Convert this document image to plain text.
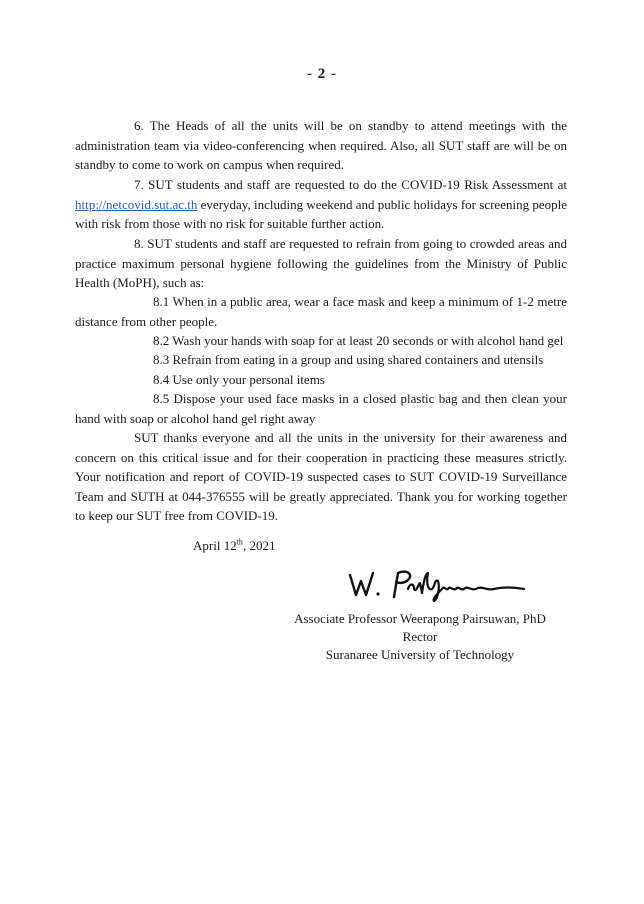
- 2 -

6. The Heads of all the units will be on standby to attend meetings with the administration team via video-conferencing when required. Also, all SUT staff are will be on standby to come to work on campus when required.

7. SUT students and staff are requested to do the COVID-19 Risk Assessment at http://netcovid.sut.ac.th everyday, including weekend and public holidays for screening people with risk from those with no risk for suitable further action.

8. SUT students and staff are requested to refrain from going to crowded areas and practice maximum personal hygiene following the guidelines from the Ministry of Public Health (MoPH), such as:

8.1 When in a public area, wear a face mask and keep a minimum of 1-2 metre distance from other people.

8.2 Wash your hands with soap for at least 20 seconds or with alcohol hand gel

8.3 Refrain from eating in a group and using shared containers and utensils

8.4 Use only your personal items

8.5 Dispose your used face masks in a closed plastic bag and then clean your hand with soap or alcohol hand gel right away

SUT thanks everyone and all the units in the university for their awareness and concern on this critical issue and for their cooperation in practicing these measures strictly. Your notification and report of COVID-19 suspected cases to SUT COVID-19 Surveillance Team and SUTH at 044-376555 will be greatly appreciated. Thank you for working together to keep our SUT free from COVID-19.

April 12th, 2021

Associate Professor Weerapong Pairsuwan, PhD
Rector
Suranaree University of Technology
